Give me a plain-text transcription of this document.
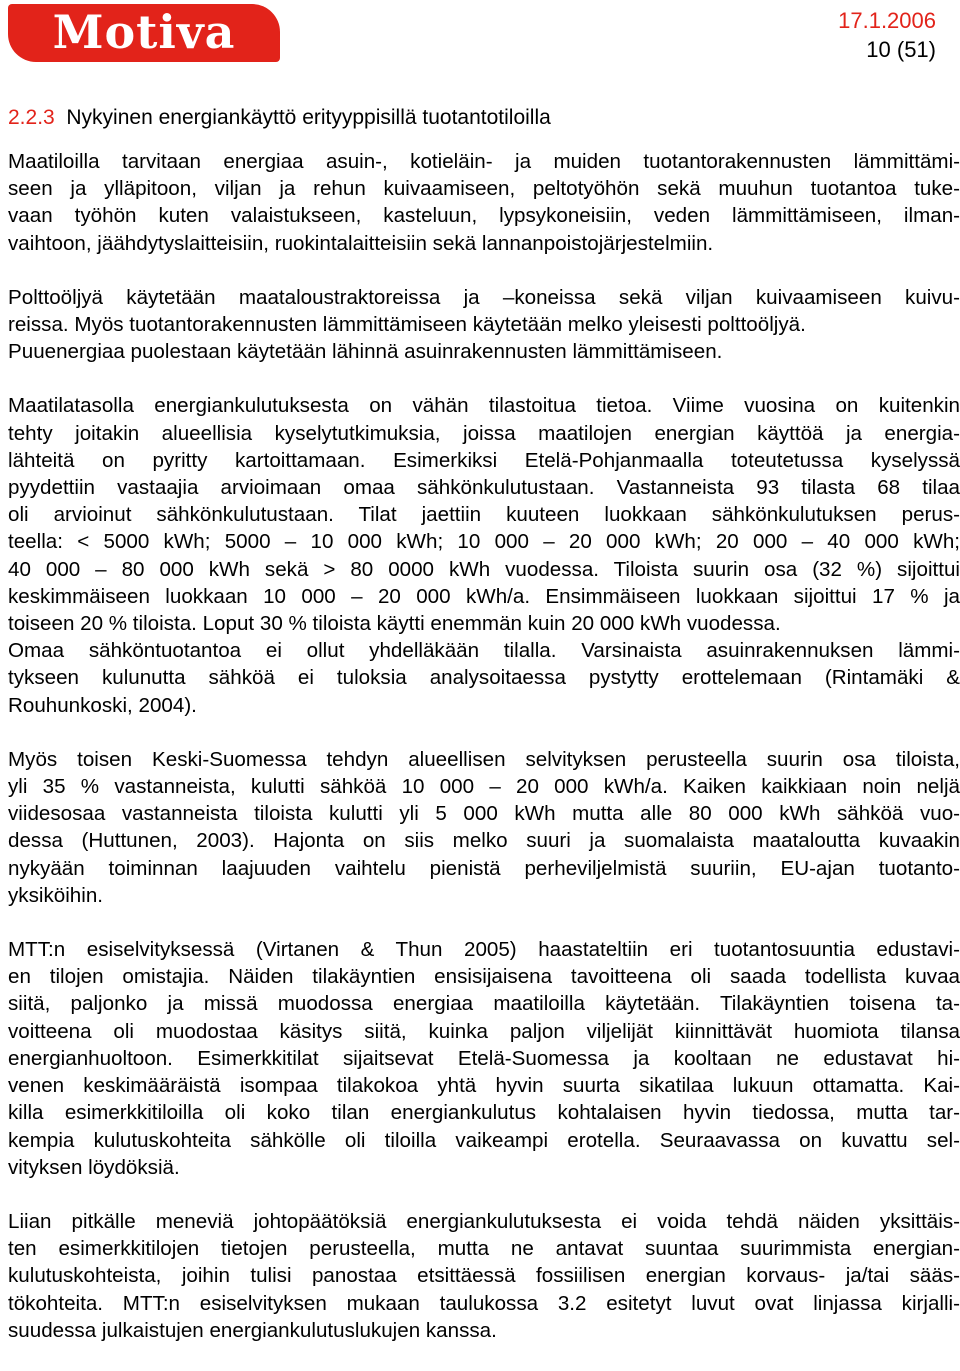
Motiva	17.1.2006
10 (51)
2.2.3 Nykyinen energiankäyttö erityyppisillä tuotantotiloilla

Maatiloilla tarvitaan energiaa asuin-, kotieläin- ja muiden tuotantorakennusten lämmittämi-
seen ja ylläpitoon, viljan ja rehun kuivaamiseen, peltotyöhön sekä muuhun tuotantoa tuke-
vaan työhön kuten valaistukseen, kasteluun, lypsykoneisiin, veden lämmittämiseen, ilman-
vaihtoon, jäähdytyslaitteisiin, ruokintalaitteisiin sekä lannanpoistojärjestelmiin.

Polttoöljyä käytetään maataloustraktoreissa ja –koneissa sekä viljan kuivaamiseen kuivu-
reissa. Myös tuotantorakennusten lämmittämiseen käytetään melko yleisesti polttoöljyä.
Puuenergiaa puolestaan käytetään lähinnä asuinrakennusten lämmittämiseen.

Maatilatasolla energiankulutuksesta on vähän tilastoitua tietoa. Viime vuosina on kuitenkin
tehty joitakin alueellisia kyselytutkimuksia, joissa maatilojen energian käyttöä ja energia-
lähteitä on pyritty kartoittamaan. Esimerkiksi Etelä-Pohjanmaalla toteutetussa kyselyssä
pyydettiin vastaajia arvioimaan omaa sähkönkulutustaan. Vastanneista 93 tilasta 68 tilaa
oli arvioinut sähkönkulutustaan. Tilat jaettiin kuuteen luokkaan sähkönkulutuksen perus-
teella: < 5000 kWh; 5000 – 10 000 kWh; 10 000 – 20 000 kWh; 20 000 – 40 000 kWh;
40 000 – 80 000 kWh sekä > 80 0000 kWh vuodessa. Tiloista suurin osa (32 %) sijoittui
keskimmäiseen luokkaan 10 000 – 20 000 kWh/a. Ensimmäiseen luokkaan sijoittui 17 % ja
toiseen 20 % tiloista. Loput 30 % tiloista käytti enemmän kuin 20 000 kWh vuodessa.
Omaa sähköntuotantoa ei ollut yhdelläkään tilalla. Varsinaista asuinrakennuksen lämmi-
tykseen kulunutta sähköä ei tuloksia analysoitaessa pystytty erottelemaan (Rintamäki &
Rouhunkoski, 2004).

Myös toisen Keski-Suomessa tehdyn alueellisen selvityksen perusteella suurin osa tiloista,
yli 35 % vastanneista, kulutti sähköä 10 000 – 20 000 kWh/a. Kaiken kaikkiaan noin neljä
viidesosaa vastanneista tiloista kulutti yli 5 000 kWh mutta alle 80 000 kWh sähköä vuo-
dessa (Huttunen, 2003). Hajonta on siis melko suuri ja suomalaista maataloutta kuvaakin
nykyään toiminnan laajuuden vaihtelu pienistä perheviljelmistä suuriin, EU-ajan tuotanto-
yksiköihin.

MTT:n esiselvityksessä (Virtanen & Thun 2005) haastateltiin eri tuotantosuuntia edustavi-
en tilojen omistajia. Näiden tilakäyntien ensisijaisena tavoitteena oli saada todellista kuvaa
siitä, paljonko ja missä muodossa energiaa maatiloilla käytetään. Tilakäyntien toisena ta-
voitteena oli muodostaa käsitys siitä, kuinka paljon viljelijät kiinnittävät huomiota tilansa
energianhuoltoon. Esimerkkitilat sijaitsevat Etelä-Suomessa ja kooltaan ne edustavat hi-
venen keskimääräistä isompaa tilakokoa yhtä hyvin suurta sikatilaa lukuun ottamatta. Kai-
killa esimerkkitiloilla oli koko tilan energiankulutus kohtalaisen hyvin tiedossa, mutta tar-
kempia kulutuskohteita sähkölle oli tiloilla vaikeampi erotella. Seuraavassa on kuvattu sel-
vityksen löydöksiä.

Liian pitkälle meneviä johtopäätöksiä energiankulutuksesta ei voida tehdä näiden yksittäis-
ten esimerkkitilojen tietojen perusteella, mutta ne antavat suuntaa suurimmista energian-
kulutuskohteista, joihin tulisi panostaa etsittäessä fossiilisen energian korvaus- ja/tai sääs-
tökohteita. MTT:n esiselvityksen mukaan taulukossa 3.2 esitetyt luvut ovat linjassa kirjalli-
suudessa julkaistujen energiankulutuslukujen kanssa.
